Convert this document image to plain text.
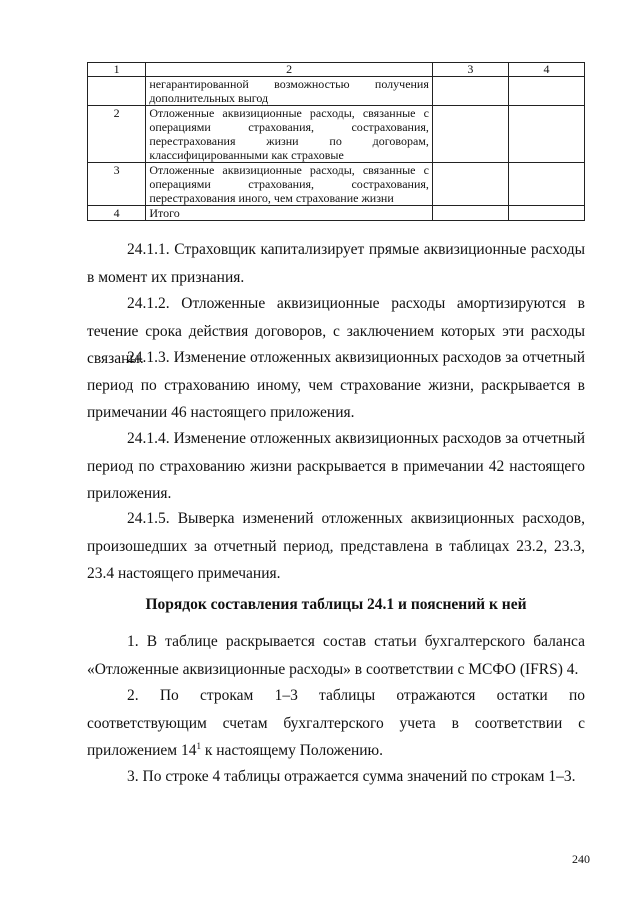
1	2	3	4

	негарантированной возможностью получения
дополнительных выгод		

2	Отложенные аквизиционные расходы, связанные с
операциями страхования, сострахования,
перестрахования жизни по договорам,
классифицированными как страховые		

3	Отложенные аквизиционные расходы, связанные с
операциями страхования, сострахования,
перестрахования иного, чем страхование жизни		

4	Итого		

24.1.1. Страховщик капитализирует прямые аквизиционные расходы в момент их признания.
24.1.2. Отложенные аквизиционные расходы амортизируются в течение срока действия договоров, с заключением которых эти расходы связаны.
24.1.3. Изменение отложенных аквизиционных расходов за отчетный период по страхованию иному, чем страхование жизни, раскрывается в примечании 46 настоящего приложения.
24.1.4. Изменение отложенных аквизиционных расходов за отчетный период по страхованию жизни раскрывается в примечании 42 настоящего приложения.
24.1.5. Выверка изменений отложенных аквизиционных расходов, произошедших за отчетный период, представлена в таблицах 23.2, 23.3, 23.4 настоящего примечания.
Порядок составления таблицы 24.1 и пояснений к ней
1. В таблице раскрывается состав статьи бухгалтерского баланса «Отложенные аквизиционные расходы» в соответствии с МСФО (IFRS) 4.
2. По строкам 1–3 таблицы отражаются остатки по соответствующим счетам бухгалтерского учета в соответствии с приложением $14^1$ к настоящему Положению.
3. По строке 4 таблицы отражается сумма значений по строкам 1–3.
240
